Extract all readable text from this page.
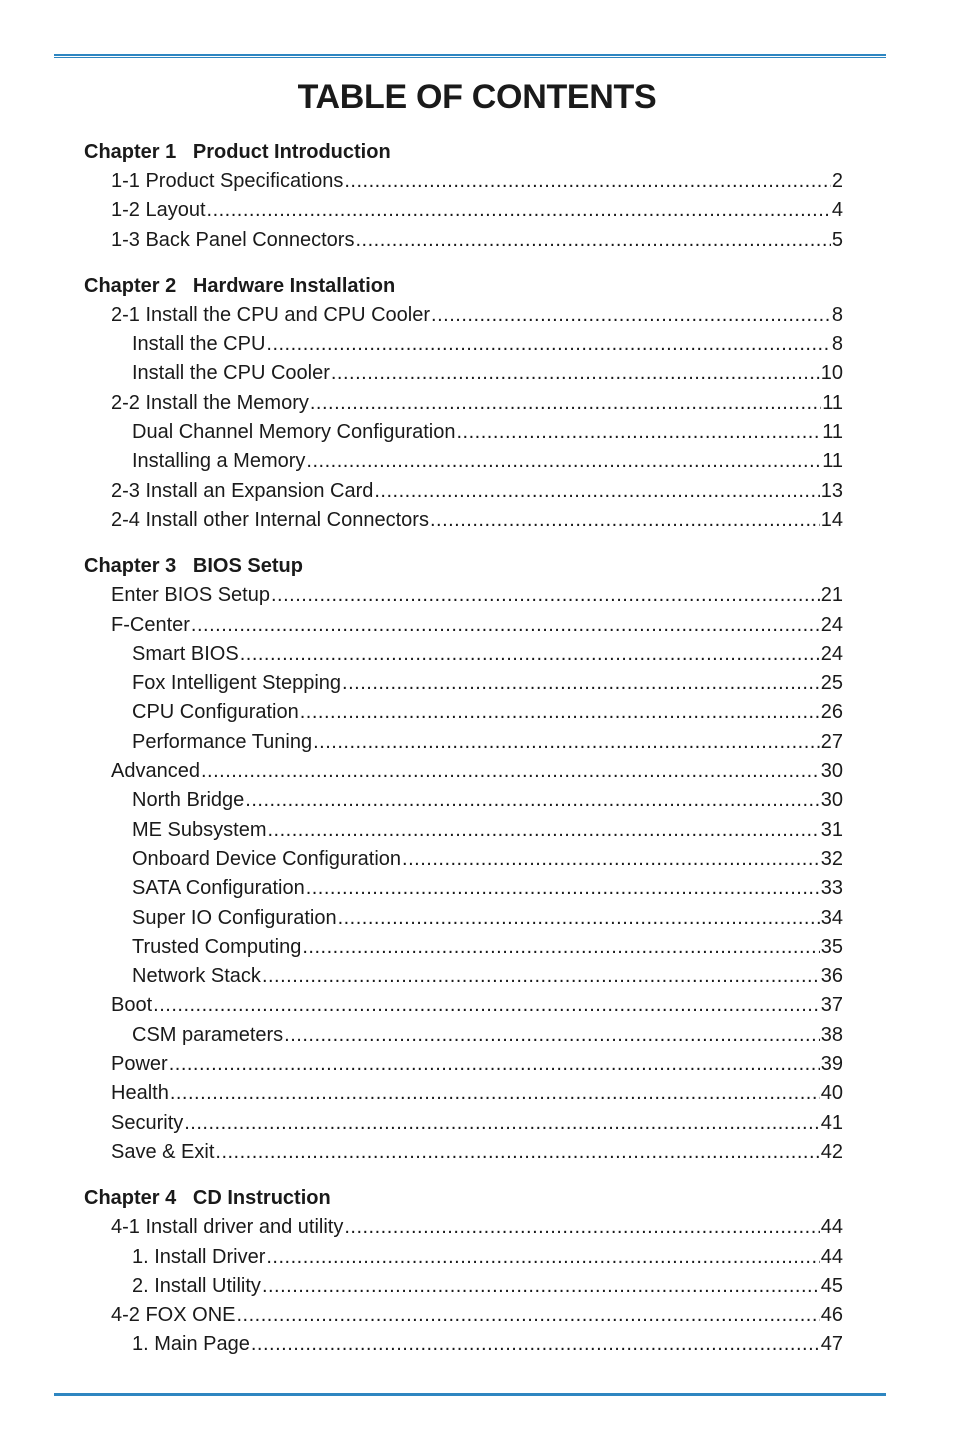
TABLE OF CONTENTS
Chapter 1   Product Introduction
1-1 Product Specifications .....	2
1-2 Layout .....	4
1-3 Back Panel Connectors .....	5
Chapter 2   Hardware Installation
2-1 Install the CPU and CPU Cooler .....	8
Install the CPU .....	8
Install the CPU Cooler .....	10
2-2 Install the Memory .....	11
Dual Channel Memory Configuration .....	11
Installing a Memory .....	11
2-3 Install an Expansion Card .....	13
2-4 Install other Internal Connectors .....	14
Chapter 3   BIOS Setup
Enter BIOS Setup .....	21
F-Center .....	24
Smart BIOS .....	24
Fox Intelligent Stepping .....	25
CPU Configuration .....	26
Performance Tuning .....	27
Advanced .....	30
North Bridge .....	30
ME Subsystem .....	31
Onboard Device Configuration .....	32
SATA Configuration .....	33
Super IO Configuration .....	34
Trusted Computing .....	35
Network Stack .....	36
Boot .....	37
CSM parameters .....	38
Power .....	39
Health .....	40
Security .....	41
Save & Exit .....	42
Chapter 4   CD Instruction
4-1 Install driver and utility .....	44
1. Install Driver .....	44
2. Install Utility .....	45
4-2 FOX ONE .....	46
1. Main Page .....	47
